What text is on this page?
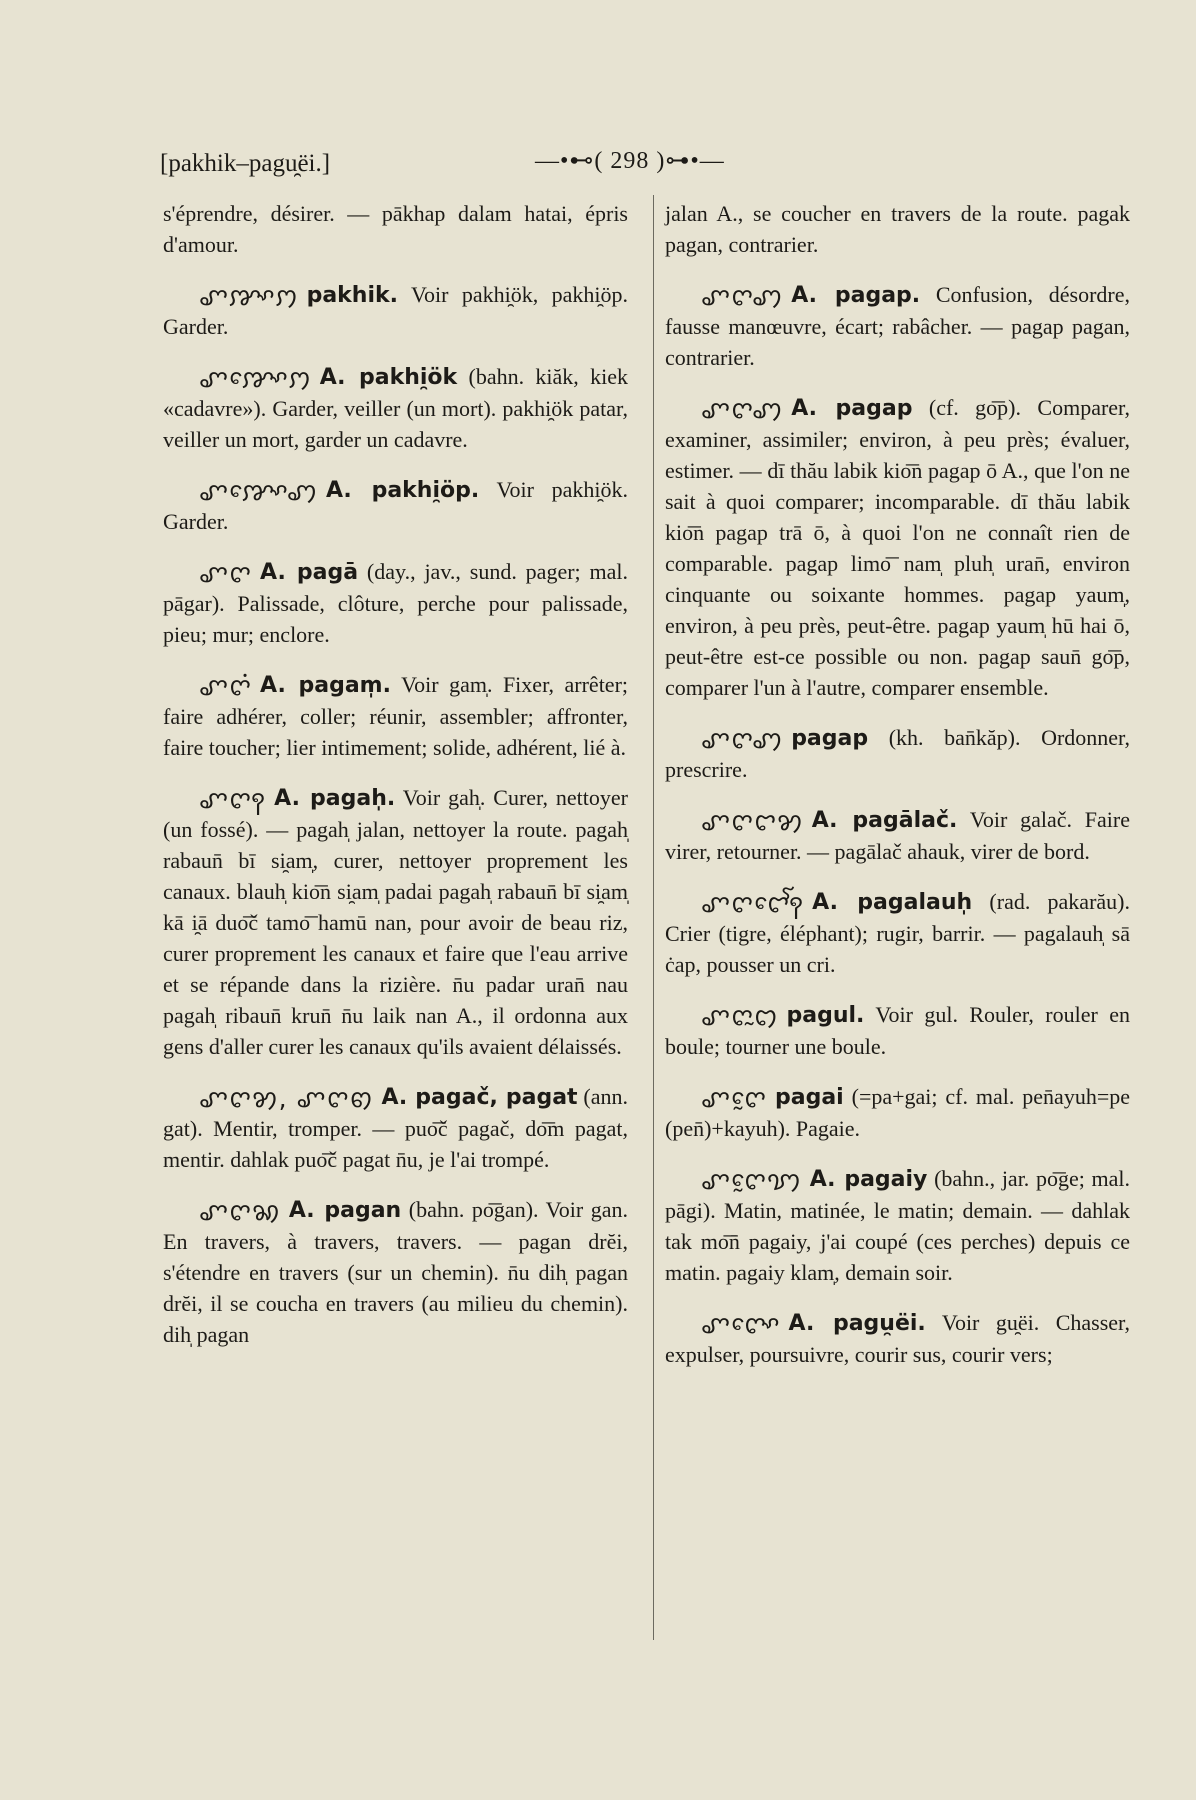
[pakhik–pagu̯ëi.]	—•⊷( 298 )⊶•—

s'éprendre, désirer. — pākhap dalam hatai, épris d'amour.

ꨚꨇꨳꩀ pakhik. Voir pakhi̯ök, pakhi̯öp. Garder.

ꨚꨇꨳꨯꩀ A. pakhi̯ök (bahn. kiăk, kiek «cadavre»). Garder, veiller (un mort). pakhi̯ök patar, veiller un mort, garder un cadavre.

ꨚꨇꨳꨯꩇ A. pakhi̯öp. Voir pakhi̯ök. Garder.

ꨚꨈ A. pagā (day., jav., sund. pager; mal. pāgar). Palissade, clôture, perche pour palissade, pieu; mur; enclore.

ꨚꨈꩌ A. pagam̩. Voir gam̩. Fixer, arrêter; faire adhérer, coller; réunir, assembler; affronter, faire toucher; lier intimement; solide, adhérent, lié à.

ꨚꨈꩍ A. pagah̩. Voir gah̩. Curer, nettoyer (un fossé). — pagah̩ jalan, nettoyer la route. pagah̩ rabaun̄ bī si̯am̩, curer, nettoyer proprement les canaux. blauh̩ kio͞n si̯am̩ padai pagah̩ rabaun̄ bī si̯am̩ kā i̯ā duo͞č tamo͞ hamū nan, pour avoir de beau riz, curer proprement les canaux et faire que l'eau arrive et se répande dans la rizière. n̄u padar uran̄ nau pagah̩ ribaun̄ krun̄ n̄u laik nan A., il ordonna aux gens d'aller curer les canaux qu'ils avaient délaissés.

ꨚꨈꩄ, ꨚꨈꩅ A. pagač, pagat (ann. gat). Mentir, tromper. — puo͞č pagač, do͞m pagat, mentir. dahlak puo͞č pagat n̄u, je l'ai trompé.

ꨚꨈꩆ A. pagan (bahn. po͞gan). Voir gan. En travers, à travers, travers. — pagan drĕi, s'étendre en travers (sur un chemin). n̄u dih̩ pagan drĕi, il se coucha en travers (au milieu du chemin). dih̩ pagan

jalan A., se coucher en travers de la route. pagak pagan, contrarier.

ꨚꨈꩇ A. pagap. Confusion, désordre, fausse manœuvre, écart; rabâcher. — pagap pagan, contrarier.

ꨚꨈꩇ A. pagap (cf. go͞p). Comparer, examiner, assimiler; environ, à peu près; évaluer, estimer. — dī thău labik kio͞n pagap ō A., que l'on ne sait à quoi comparer; incomparable. dī thău labik kio͞n pagap trā ō, à quoi l'on ne connaît rien de comparable. pagap limo͞ nam̩ pluh̩ uran̄, environ cinquante ou soixante hommes. pagap yaum̩, environ, à peu près, peut-être. pagap yaum̩ hū hai ō, peut-être est-ce possible ou non. pagap saun̄ go͞p, comparer l'un à l'autre, comparer ensemble.

ꨚꨈꩇ pagap (kh. ban̄kăp). Ordonner, prescrire.

ꨚꨈꨤꩄ A. pagālač. Voir galač. Faire virer, retourner. — pagālač ahauk, virer de bord.

ꨚꨈꨤꨯꨱꩍ A. pagalauh̩ (rad. pakarău). Crier (tigre, éléphant); rugir, barrir. — pagalauh̩ sā ċap, pousser un cri.

ꨚꨈꨭꩊ pagul. Voir gul. Rouler, rouler en boule; tourner une boule.

ꨚꨈꨰ pagai (=pa+gai; cf. mal. pen̄ayuh=pe (pen̄)+kayuh). Pagaie.

ꨚꨈꨰꩈ A. pagaiy (bahn., jar. po͞ge; mal. pāgi). Matin, matinée, le matin; demain. — dahlak tak mo͞n̄ pagaiy, j'ai coupé (ces perches) depuis ce matin. pagaiy klam̩, demain soir.

ꨚꨈꨳꨯ A. pagu̯ëi. Voir gu̯ëi. Chasser, expulser, poursuivre, courir sus, courir vers;
